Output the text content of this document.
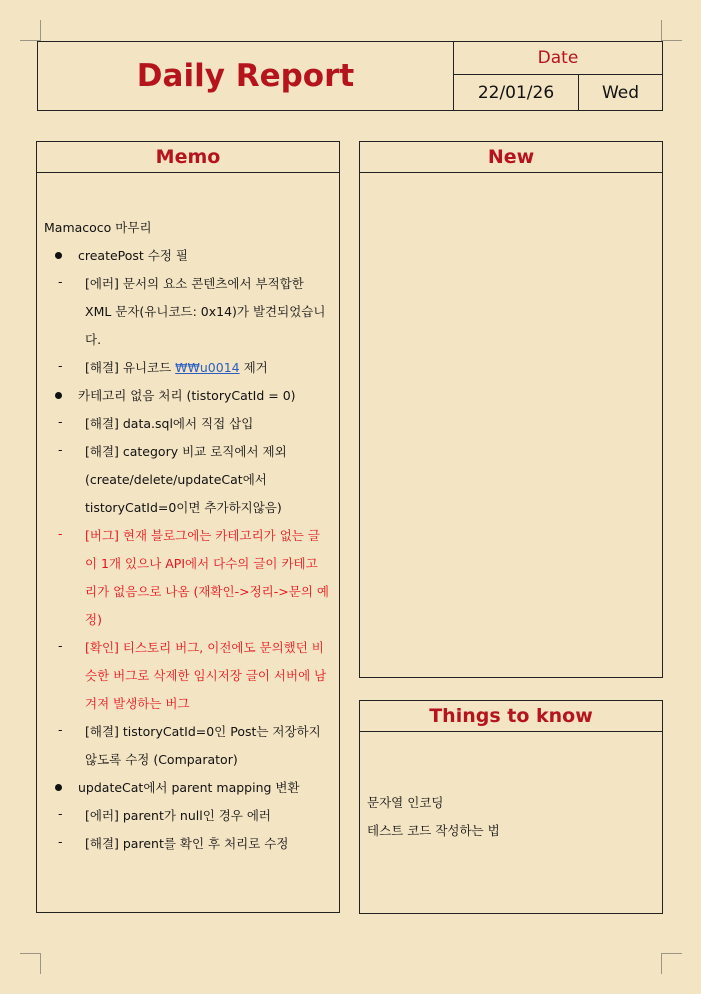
Daily Report	Date
22/01/26	Wed
Memo
Mamacoco 마무리
createPost 수정 필
- [에러] 문서의 요소 콘텐츠에서 부적합한
XML 문자(유니코드: 0x14)가 발견되었습니
다.
- [해결] 유니코드 ₩₩u0014 제거
카테고리 없음 처리 (tistoryCatId = 0)
- [해결] data.sql에서 직접 삽입
- [해결] category 비교 로직에서 제외
(create/delete/updateCat에서
tistoryCatId=0이면 추가하지않음)
- [버그] 현재 블로그에는 카테고리가 없는 글
이 1개 있으나 API에서 다수의 글이 카테고
리가 없음으로 나옴 (재확인->정리->문의 예
정)
- [확인] 티스토리 버그, 이전에도 문의했던 비
슷한 버그로 삭제한 임시저장 글이 서버에 남
겨져 발생하는 버그
- [해결] tistoryCatId=0인 Post는 저장하지
않도록 수정 (Comparator)
updateCat에서 parent mapping 변환
- [에러] parent가 null인 경우 에러
- [해결] parent를 확인 후 처리로 수정
New
Things to know
문자열 인코딩
테스트 코드 작성하는 법
